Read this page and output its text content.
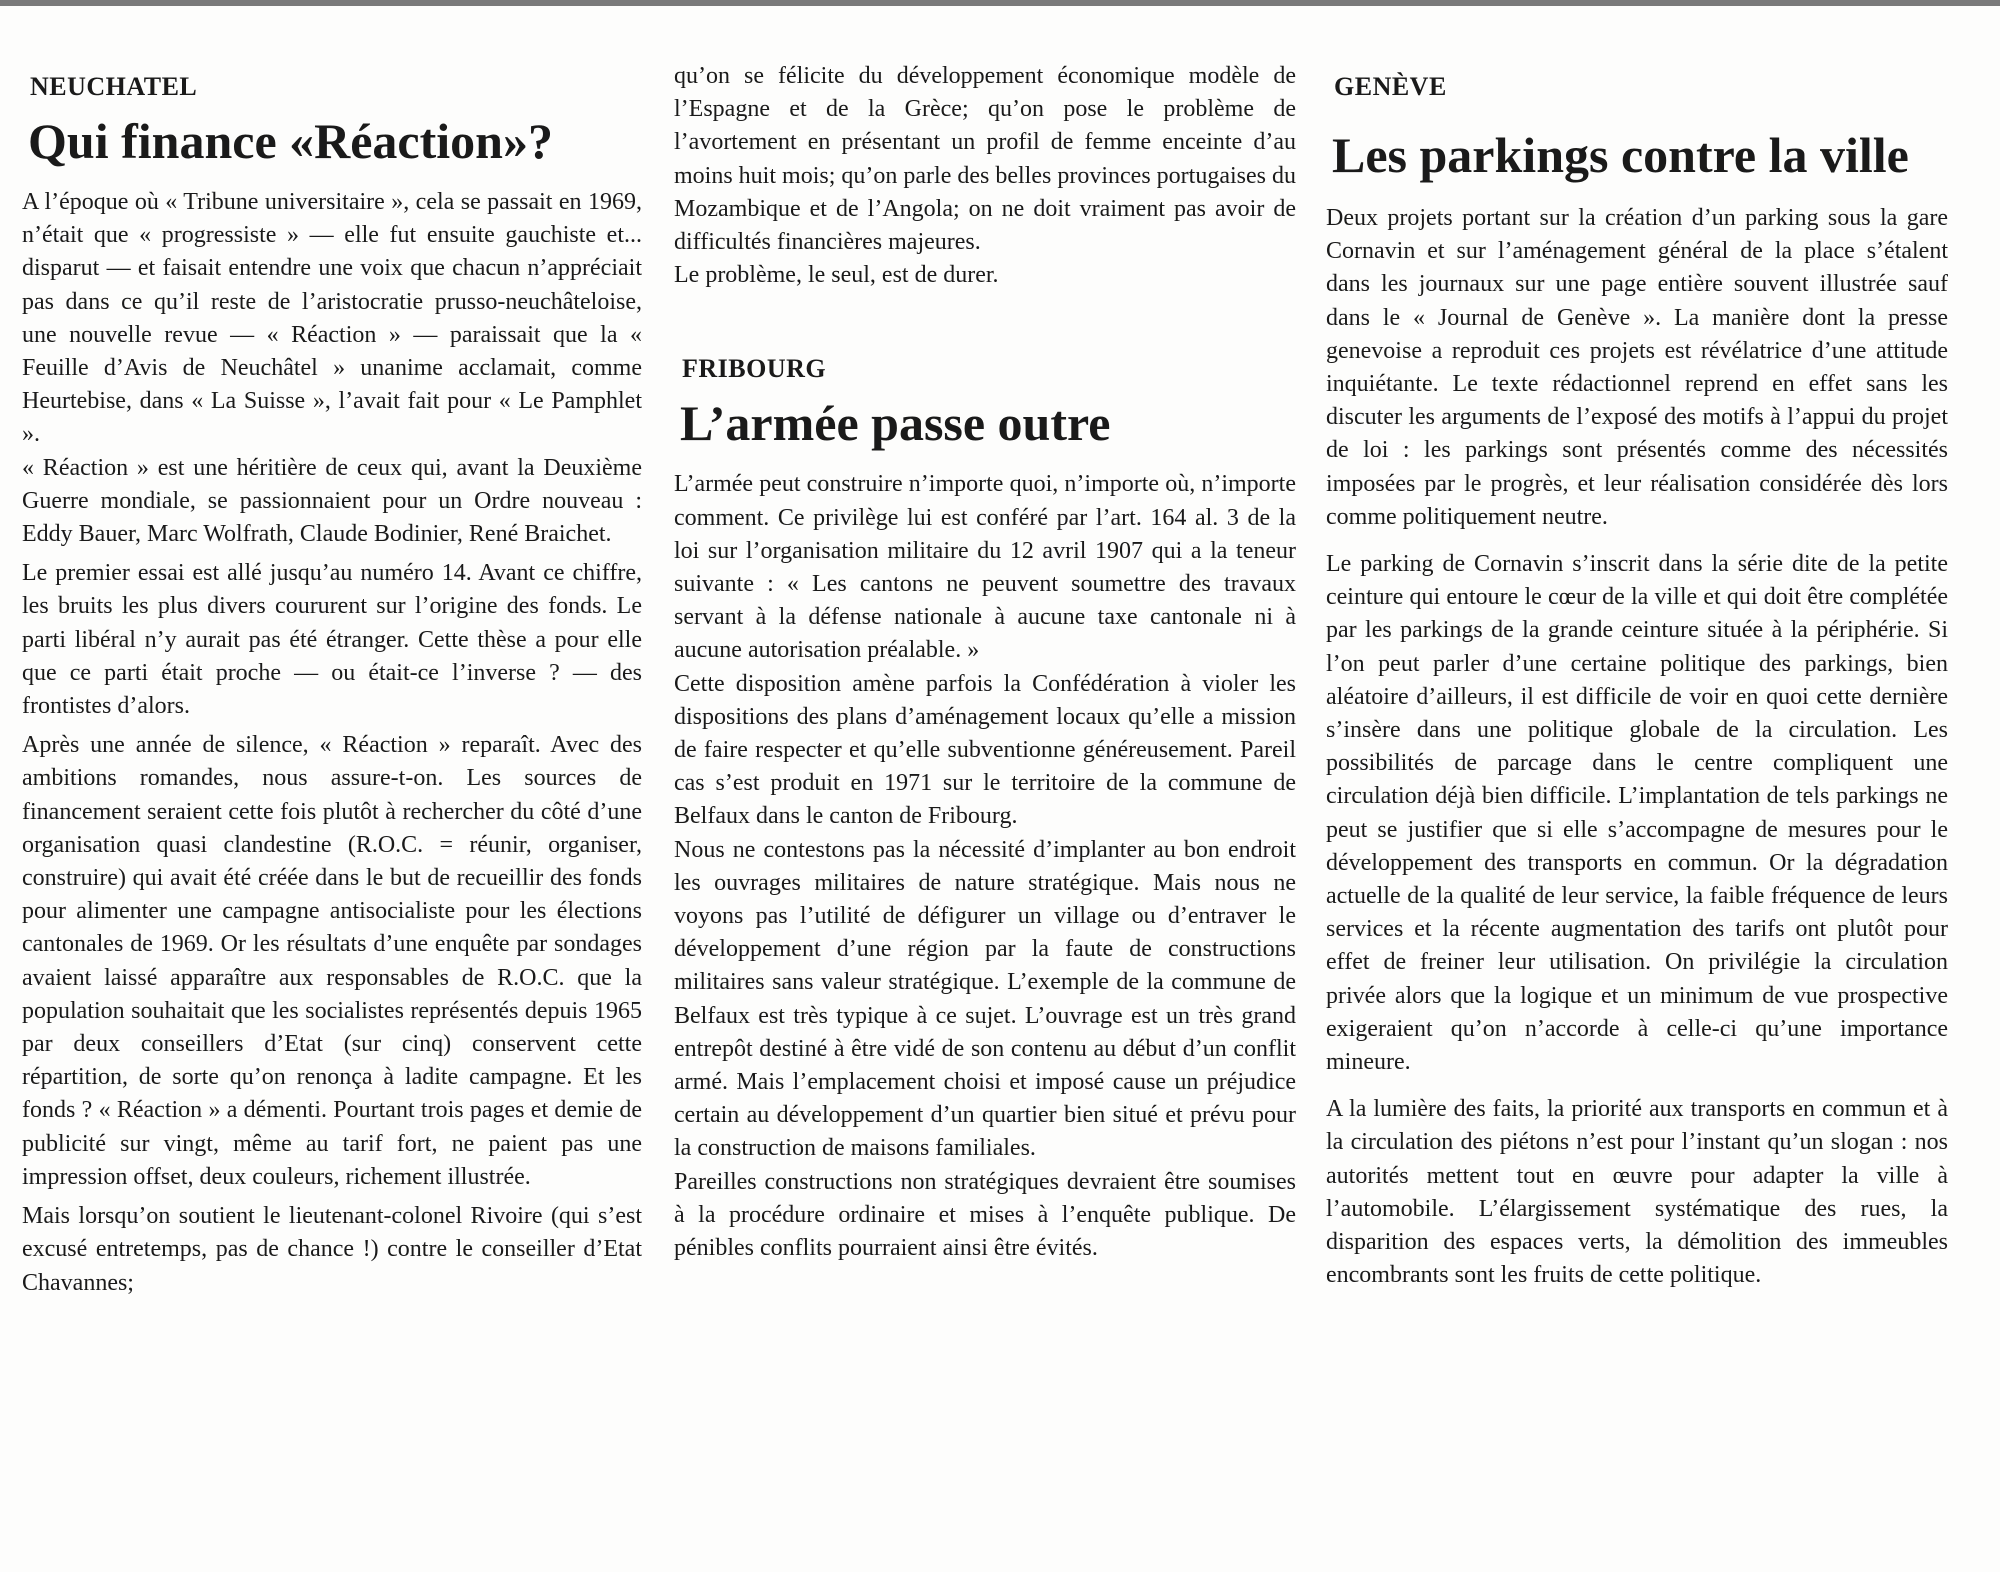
NEUCHATEL
Qui finance «Réaction»?

A l’époque où « Tribune universitaire », cela se passait en 1969, n’était que « progressiste » — elle fut ensuite gauchiste et... disparut — et faisait entendre une voix que chacun n’appréciait pas dans ce qu’il reste de l’aristocratie prusso-neuchâteloise, une nouvelle revue — « Réaction » — paraissait que la « Feuille d’Avis de Neuchâtel » unanime acclamait, comme Heurtebise, dans « La Suisse », l’avait fait pour « Le Pamphlet ».

« Réaction » est une héritière de ceux qui, avant la Deuxième Guerre mondiale, se passionnaient pour un Ordre nouveau : Eddy Bauer, Marc Wolfrath, Claude Bodinier, René Braichet.

Le premier essai est allé jusqu’au numéro 14. Avant ce chiffre, les bruits les plus divers coururent sur l’origine des fonds. Le parti libéral n’y aurait pas été étranger. Cette thèse a pour elle que ce parti était proche — ou était-ce l’inverse ? — des frontistes d’alors.

Après une année de silence, « Réaction » reparaît. Avec des ambitions romandes, nous assure-t-on. Les sources de financement seraient cette fois plutôt à rechercher du côté d’une organisation quasi clandestine (R.O.C. = réunir, organiser, construire) qui avait été créée dans le but de recueillir des fonds pour alimenter une campagne antisocialiste pour les élections cantonales de 1969. Or les résultats d’une enquête par sondages avaient laissé apparaître aux responsables de R.O.C. que la population souhaitait que les socialistes représentés depuis 1965 par deux conseillers d’Etat (sur cinq) conservent cette répartition, de sorte qu’on renonça à ladite campagne. Et les fonds ? « Réaction » a démenti. Pourtant trois pages et demie de publicité sur vingt, même au tarif fort, ne paient pas une impression offset, deux couleurs, richement illustrée.

Mais lorsqu’on soutient le lieutenant-colonel Rivoire (qui s’est excusé entretemps, pas de chance !) contre le conseiller d’Etat Chavannes;

qu’on se félicite du développement économique modèle de l’Espagne et de la Grèce; qu’on pose le problème de l’avortement en présentant un profil de femme enceinte d’au moins huit mois; qu’on parle des belles provinces portugaises du Mozambique et de l’Angola; on ne doit vraiment pas avoir de difficultés financières majeures.

Le problème, le seul, est de durer.

FRIBOURG
L’armée passe outre

L’armée peut construire n’importe quoi, n’importe où, n’importe comment. Ce privilège lui est conféré par l’art. 164 al. 3 de la loi sur l’organisation militaire du 12 avril 1907 qui a la teneur suivante : « Les cantons ne peuvent soumettre des travaux servant à la défense nationale à aucune taxe cantonale ni à aucune autorisation préalable. »

Cette disposition amène parfois la Confédération à violer les dispositions des plans d’aménagement locaux qu’elle a mission de faire respecter et qu’elle subventionne généreusement. Pareil cas s’est produit en 1971 sur le territoire de la commune de Belfaux dans le canton de Fribourg.

Nous ne contestons pas la nécessité d’implanter au bon endroit les ouvrages militaires de nature stratégique. Mais nous ne voyons pas l’utilité de défigurer un village ou d’entraver le développement d’une région par la faute de constructions militaires sans valeur stratégique. L’exemple de la commune de Belfaux est très typique à ce sujet. L’ouvrage est un très grand entrepôt destiné à être vidé de son contenu au début d’un conflit armé. Mais l’emplacement choisi et imposé cause un préjudice certain au développement d’un quartier bien situé et prévu pour la construction de maisons familiales.

Pareilles constructions non stratégiques devraient être soumises à la procédure ordinaire et mises à l’enquête publique. De pénibles conflits pourraient ainsi être évités.

GENÈVE
Les parkings contre la ville

Deux projets portant sur la création d’un parking sous la gare Cornavin et sur l’aménagement général de la place s’étalent dans les journaux sur une page entière souvent illustrée sauf dans le « Journal de Genève ». La manière dont la presse genevoise a reproduit ces projets est révélatrice d’une attitude inquiétante. Le texte rédactionnel reprend en effet sans les discuter les arguments de l’exposé des motifs à l’appui du projet de loi : les parkings sont présentés comme des nécessités imposées par le progrès, et leur réalisation considérée dès lors comme politiquement neutre.

Le parking de Cornavin s’inscrit dans la série dite de la petite ceinture qui entoure le cœur de la ville et qui doit être complétée par les parkings de la grande ceinture située à la périphérie. Si l’on peut parler d’une certaine politique des parkings, bien aléatoire d’ailleurs, il est difficile de voir en quoi cette dernière s’insère dans une politique globale de la circulation. Les possibilités de parcage dans le centre compliquent une circulation déjà bien difficile. L’implantation de tels parkings ne peut se justifier que si elle s’accompagne de mesures pour le développement des transports en commun. Or la dégradation actuelle de la qualité de leur service, la faible fréquence de leurs services et la récente augmentation des tarifs ont plutôt pour effet de freiner leur utilisation. On privilégie la circulation privée alors que la logique et un minimum de vue prospective exigeraient qu’on n’accorde à celle-ci qu’une importance mineure.

A la lumière des faits, la priorité aux transports en commun et à la circulation des piétons n’est pour l’instant qu’un slogan : nos autorités mettent tout en œuvre pour adapter la ville à l’automobile. L’élargissement systématique des rues, la disparition des espaces verts, la démolition des immeubles encombrants sont les fruits de cette politique.
